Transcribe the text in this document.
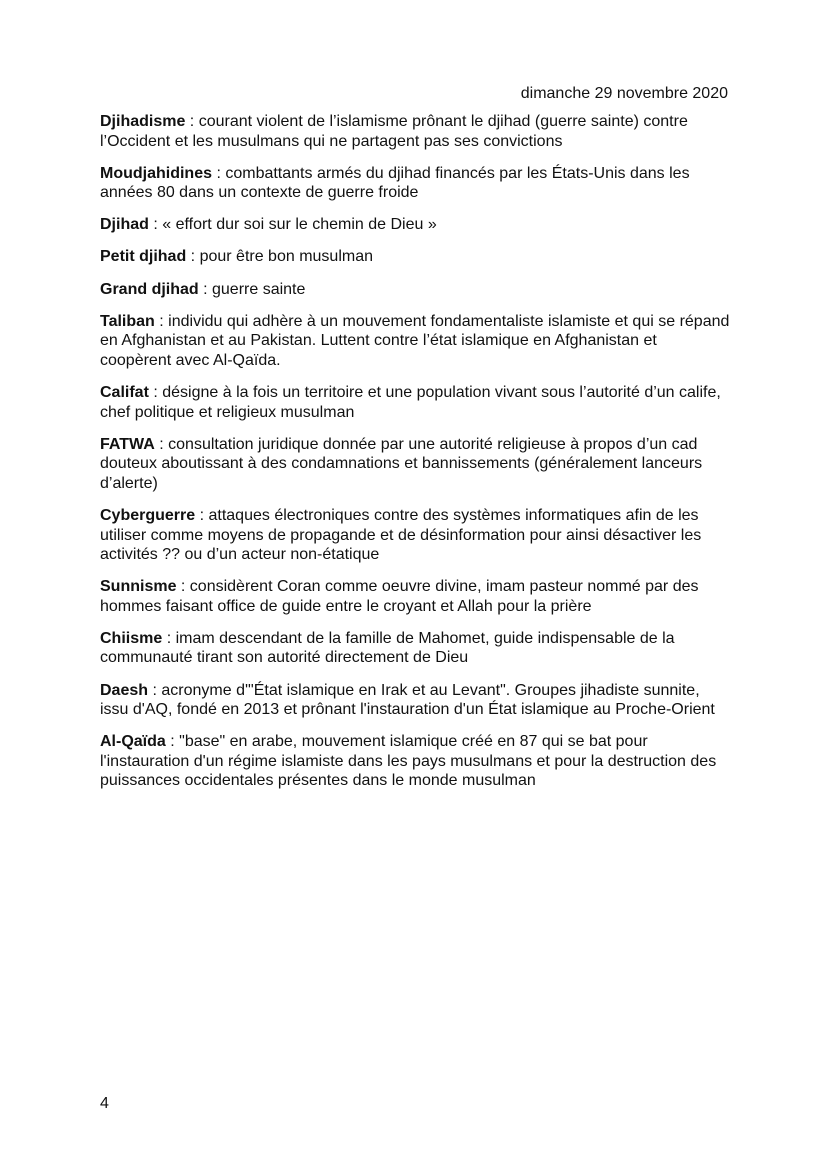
dimanche 29 novembre 2020

Djihadisme : courant violent de l’islamisme prônant le djihad (guerre sainte) contre l’Occident et les musulmans qui ne partagent pas ses convictions

Moudjahidines : combattants armés du djihad financés par les États-Unis dans les années 80 dans un contexte de guerre froide

Djihad : « effort dur soi sur le chemin de Dieu »

Petit djihad : pour être bon musulman

Grand djihad : guerre sainte

Taliban : individu qui adhère à un mouvement fondamentaliste islamiste et qui se répand en Afghanistan et au Pakistan. Luttent contre l’état islamique en Afghanistan et coopèrent avec Al-Qaïda.

Califat : désigne à la fois un territoire et une population vivant sous l’autorité d’un calife, chef politique et religieux musulman

FATWA : consultation juridique donnée par une autorité religieuse à propos d’un cad douteux aboutissant à des condamnations et bannissements (généralement lanceurs d’alerte)

Cyberguerre : attaques électroniques contre des systèmes informatiques afin de les utiliser comme moyens de propagande et de désinformation pour ainsi désactiver les activités ?? ou d’un acteur non-étatique

Sunnisme : considèrent Coran comme oeuvre divine, imam pasteur nommé par des hommes faisant office de guide entre le croyant et Allah pour la prière

Chiisme : imam descendant de la famille de Mahomet, guide indispensable de la communauté tirant son autorité directement de Dieu

Daesh : acronyme d'"État islamique en Irak et au Levant". Groupes jihadiste sunnite, issu d'AQ, fondé en 2013 et prônant l'instauration d'un État islamique au Proche-Orient

Al-Qaïda : "base" en arabe, mouvement islamique créé en 87 qui se bat pour l'instauration d'un régime islamiste dans les pays musulmans et pour la destruction des puissances occidentales présentes dans le monde musulman

4
